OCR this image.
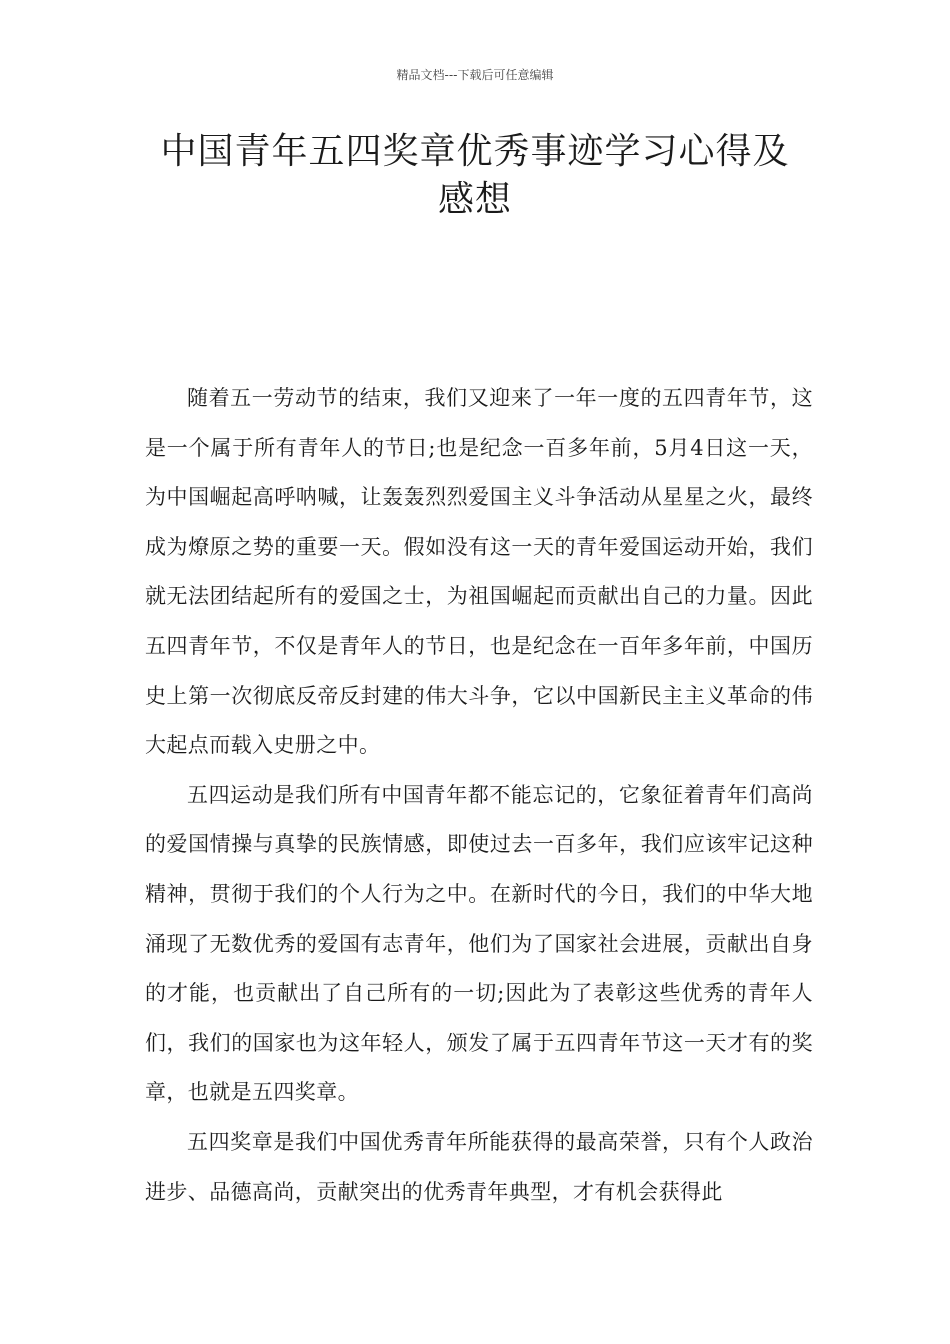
精品文档---下载后可任意编辑
中国青年五四奖章优秀事迹学习心得及
感想

随着五一劳动节的结束，我们又迎来了一年一度的五四青年节，这是一个属于所有青年人的节日;也是纪念一百多年前，5月4日这一天，为中国崛起高呼呐喊，让轰轰烈烈爱国主义斗争活动从星星之火，最终成为燎原之势的重要一天。假如没有这一天的青年爱国运动开始，我们就无法团结起所有的爱国之士，为祖国崛起而贡献出自己的力量。因此五四青年节，不仅是青年人的节日，也是纪念在一百年多年前，中国历史上第一次彻底反帝反封建的伟大斗争，它以中国新民主主义革命的伟大起点而载入史册之中。

五四运动是我们所有中国青年都不能忘记的，它象征着青年们高尚的爱国情操与真挚的民族情感，即使过去一百多年，我们应该牢记这种精神，贯彻于我们的个人行为之中。在新时代的今日，我们的中华大地涌现了无数优秀的爱国有志青年，他们为了国家社会进展，贡献出自身的才能，也贡献出了自己所有的一切;因此为了表彰这些优秀的青年人们，我们的国家也为这年轻人，颁发了属于五四青年节这一天才有的奖章，也就是五四奖章。

五四奖章是我们中国优秀青年所能获得的最高荣誉，只有个人政治进步、品德高尚，贡献突出的优秀青年典型，才有机会获得此
